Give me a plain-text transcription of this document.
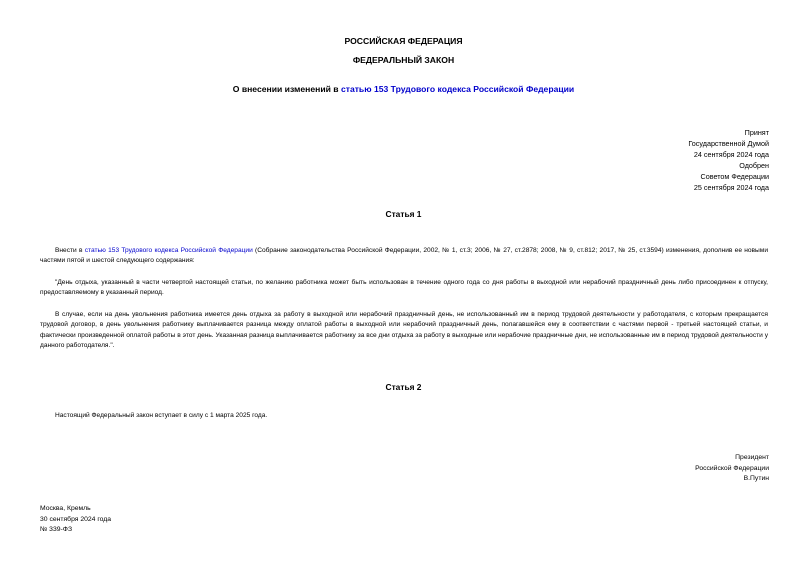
РОССИЙСКАЯ ФЕДЕРАЦИЯ
ФЕДЕРАЛЬНЫЙ ЗАКОН
О внесении изменений в статью 153 Трудового кодекса Российской Федерации
Принят
Государственной Думой
24 сентября 2024 года
Одобрен
Советом Федерации
25 сентября 2024 года
Статья 1
Внести в статью 153 Трудового кодекса Российской Федерации (Собрание законодательства Российской Федерации, 2002, № 1, ст.3; 2006, № 27, ст.2878; 2008, № 9, ст.812; 2017, № 25, ст.3594) изменения, дополнив ее новыми частями пятой и шестой следующего содержания:
"День отдыха, указанный в части четвертой настоящей статьи, по желанию работника может быть использован в течение одного года со дня работы в выходной или нерабочий праздничный день либо присоединен к отпуску, предоставляемому в указанный период.
В случае, если на день увольнения работника имеется день отдыха за работу в выходной или нерабочий праздничный день, не использованный им в период трудовой деятельности у работодателя, с которым прекращается трудовой договор, в день увольнения работнику выплачивается разница между оплатой работы в выходной или нерабочий праздничный день, полагавшейся ему в соответствии с частями первой - третьей настоящей статьи, и фактически произведенной оплатой работы в этот день. Указанная разница выплачивается работнику за все дни отдыха за работу в выходные или нерабочие праздничные дни, не использованные им в период трудовой деятельности у данного работодателя.".
Статья 2
Настоящий Федеральный закон вступает в силу с 1 марта 2025 года.
Президент
Российской Федерации
В.Путин
Москва, Кремль
30 сентября 2024 года
№ 339-ФЗ
